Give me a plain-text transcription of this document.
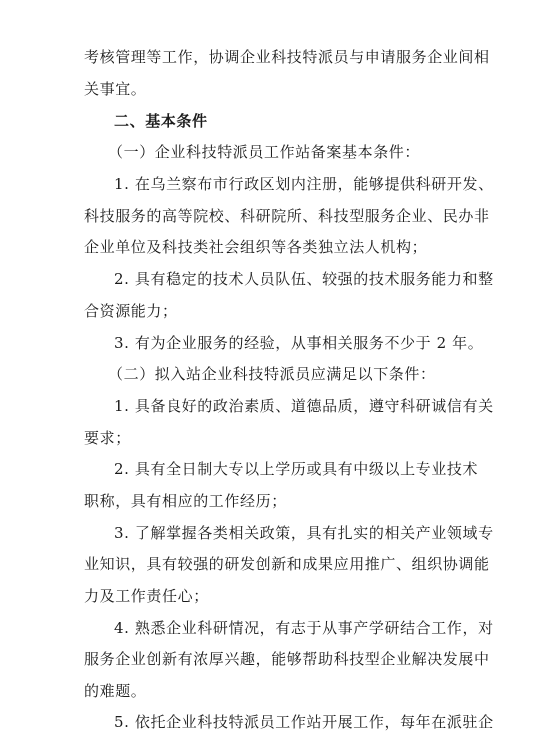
考核管理等工作，协调企业科技特派员与申请服务企业间相
关事宜。
二、基本条件
（一）企业科技特派员工作站备案基本条件：
1. 在乌兰察布市行政区划内注册，能够提供科研开发、
科技服务的高等院校、科研院所、科技型服务企业、民办非
企业单位及科技类社会组织等各类独立法人机构；
2. 具有稳定的技术人员队伍、较强的技术服务能力和整
合资源能力；
3. 有为企业服务的经验，从事相关服务不少于 2 年。
（二）拟入站企业科技特派员应满足以下条件：
1. 具备良好的政治素质、道德品质，遵守科研诚信有关
要求；
2. 具有全日制大专以上学历或具有中级以上专业技术
职称，具有相应的工作经历；
3. 了解掌握各类相关政策，具有扎实的相关产业领域专
业知识，具有较强的研发创新和成果应用推广、组织协调能
力及工作责任心；
4. 熟悉企业科研情况，有志于从事产学研结合工作，对
服务企业创新有浓厚兴趣，能够帮助科技型企业解决发展中
的难题。
5. 依托企业科技特派员工作站开展工作，每年在派驻企
